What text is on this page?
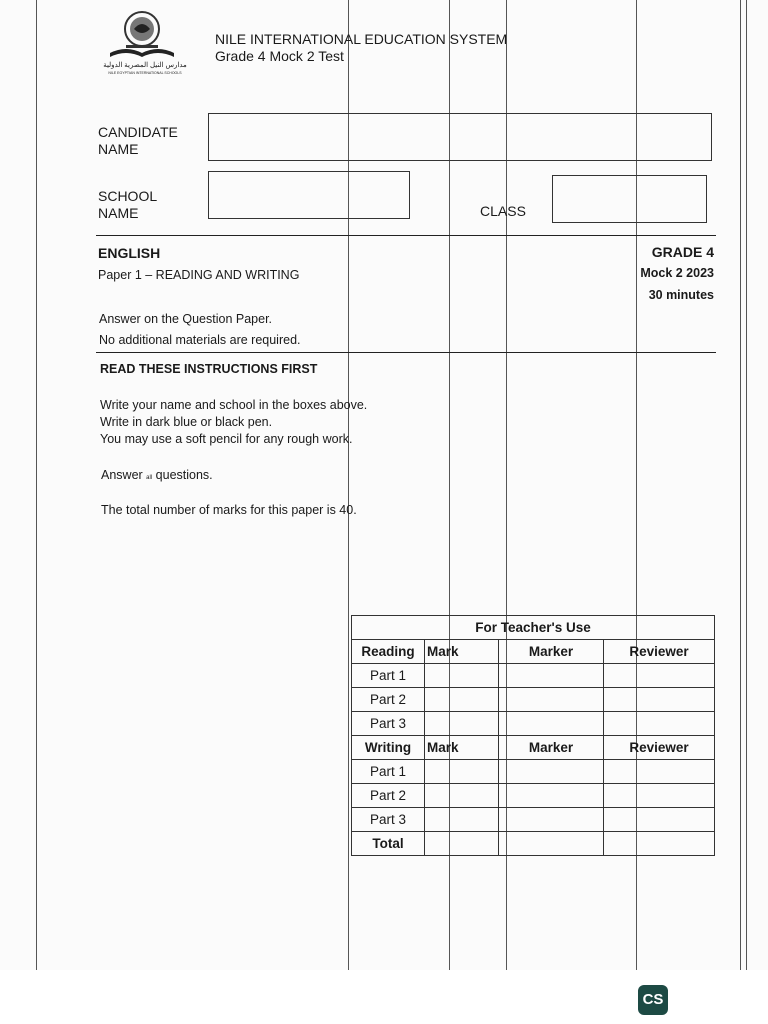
مدارس النيل المصرية الدولية
NILE EGYPTIAN INTERNATIONAL SCHOOLS
NILE INTERNATIONAL EDUCATION SYSTEM
Grade 4 Mock 2 Test
CANDIDATE
NAME
SCHOOL
NAME	CLASS
ENGLISH
Paper 1 – READING AND WRITING
GRADE 4
Mock 2 2023
30 minutes
Answer on the Question Paper.
No additional materials are required.
READ THESE INSTRUCTIONS FIRST
Write your name and school in the boxes above.
Write in dark blue or black pen.
You may use a soft pencil for any rough work.
Answer all questions.
The total number of marks for this paper is 40.
For Teacher's Use			
Reading	Mark	Marker	Reviewer
Part 1			
Part 2			
Part 3			
Writing	Mark	Marker	Reviewer
Part 1			
Part 2			
Part 3			
Total			
CS
